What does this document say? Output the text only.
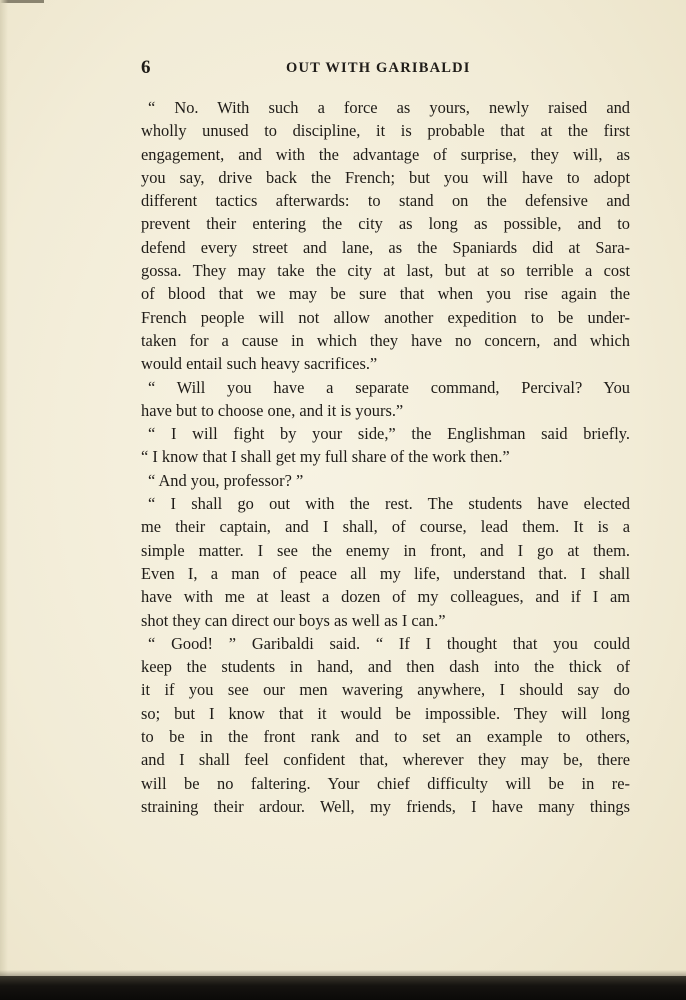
6	OUT WITH GARIBALDI
“ No. With such a force as yours, newly raised and
wholly unused to discipline, it is probable that at the first
engagement, and with the advantage of surprise, they will, as
you say, drive back the French; but you will have to adopt
different tactics afterwards: to stand on the defensive and
prevent their entering the city as long as possible, and to
defend every street and lane, as the Spaniards did at Sara-
gossa. They may take the city at last, but at so terrible a cost
of blood that we may be sure that when you rise again the
French people will not allow another expedition to be under-
taken for a cause in which they have no concern, and which
would entail such heavy sacrifices.”
“ Will you have a separate command, Percival? You
have but to choose one, and it is yours.”
“ I will fight by your side,” the Englishman said briefly.
“ I know that I shall get my full share of the work then.”
“ And you, professor? ”
“ I shall go out with the rest. The students have elected
me their captain, and I shall, of course, lead them. It is a
simple matter. I see the enemy in front, and I go at them.
Even I, a man of peace all my life, understand that. I shall
have with me at least a dozen of my colleagues, and if I am
shot they can direct our boys as well as I can.”
“ Good! ” Garibaldi said. “ If I thought that you could
keep the students in hand, and then dash into the thick of
it if you see our men wavering anywhere, I should say do
so; but I know that it would be impossible. They will long
to be in the front rank and to set an example to others,
and I shall feel confident that, wherever they may be, there
will be no faltering. Your chief difficulty will be in re-
straining their ardour. Well, my friends, I have many things
